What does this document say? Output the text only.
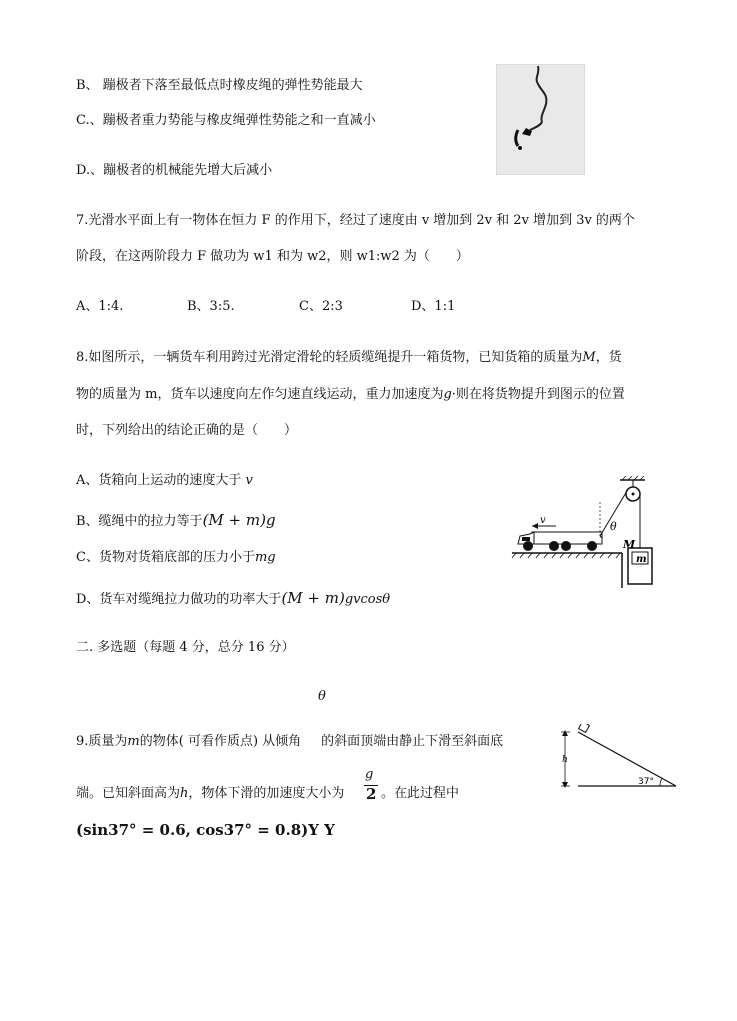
B、 蹦极者下落至最低点时橡皮绳的弹性势能最大
C.、蹦极者重力势能与橡皮绳弹性势能之和一直减小
D.、蹦极者的机械能先增大后减小
7.光滑水平面上有一物体在恒力 F 的作用下，经过了速度由 v 增加到 2v 和 2v 增加到 3v 的两个
阶段，在这两阶段力 F 做功为 w1 和为 w2，则 w1:w2 为（　　）
A、1:4.	B、3:5.	C、2:3	D、1:1
8.如图所示，一辆货车利用跨过光滑定滑轮的轻质缆绳提升一箱货物，已知货箱的质量为M，货
物的质量为 m，货车以速度向左作匀速直线运动，重力加速度为g·则在将货物提升到图示的位置
时，下列给出的结论正确的是（　　）
A、货箱向上运动的速度大于 v
B、缆绳中的拉力等于(M + m)g
C、货物对货箱底部的压力小于mg
D、货车对缆绳拉力做功的功率大于(M + m)gvcosθ
v	θ
M
m
二. 多选题（每题 4 分，总分 16 分）
θ
9.质量为m的物体( 可看作质点) 从倾角 的斜面顶端由静止下滑至斜面底
端。已知斜面高为h，物体下滑的加速度大小为
g
2 。在此过程中
(sin37° = 0.6, cos37° = 0.8)Y Y
h
37°
